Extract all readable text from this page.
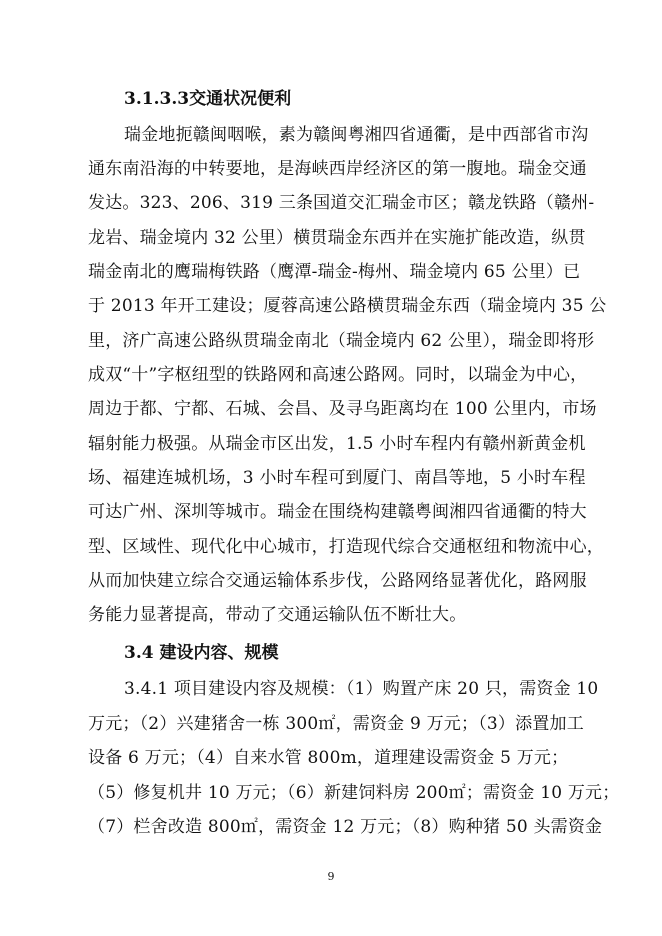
3.1.3.3交通状况便利
瑞金地扼赣闽咽喉，素为赣闽粤湘四省通衢，是中西部省市沟
通东南沿海的中转要地，是海峡西岸经济区的第一腹地。瑞金交通
发达。323、206、319 三条国道交汇瑞金市区；赣龙铁路（赣州-
龙岩、瑞金境内 32 公里）横贯瑞金东西并在实施扩能改造，纵贯
瑞金南北的鹰瑞梅铁路（鹰潭-瑞金-梅州、瑞金境内 65 公里）已
于 2013 年开工建设；厦蓉高速公路横贯瑞金东西（瑞金境内 35 公
里，济广高速公路纵贯瑞金南北（瑞金境内 62 公里），瑞金即将形
成双“十”字枢纽型的铁路网和高速公路网。同时，以瑞金为中心，
周边于都、宁都、石城、会昌、及寻乌距离均在 100 公里内，市场
辐射能力极强。从瑞金市区出发，1.5 小时车程内有赣州新黄金机
场、福建连城机场，3 小时车程可到厦门、南昌等地，5 小时车程
可达广州、深圳等城市。瑞金在围绕构建赣粤闽湘四省通衢的特大
型、区域性、现代化中心城市，打造现代综合交通枢纽和物流中心，
从而加快建立综合交通运输体系步伐，公路网络显著优化，路网服
务能力显著提高，带动了交通运输队伍不断壮大。
3.4 建设内容、规模
3.4.1 项目建设内容及规模：（1）购置产床 20 只，需资金 10
万元；（2）兴建猪舍一栋 300㎡，需资金 9 万元；（3）添置加工
设备 6 万元；（4）自来水管 800m，道理建设需资金 5 万元；
（5）修复机井 10 万元；（6）新建饲料房 200㎡；需资金 10 万元；
（7）栏舍改造 800㎡，需资金 12 万元；（8）购种猪 50 头需资金
9
